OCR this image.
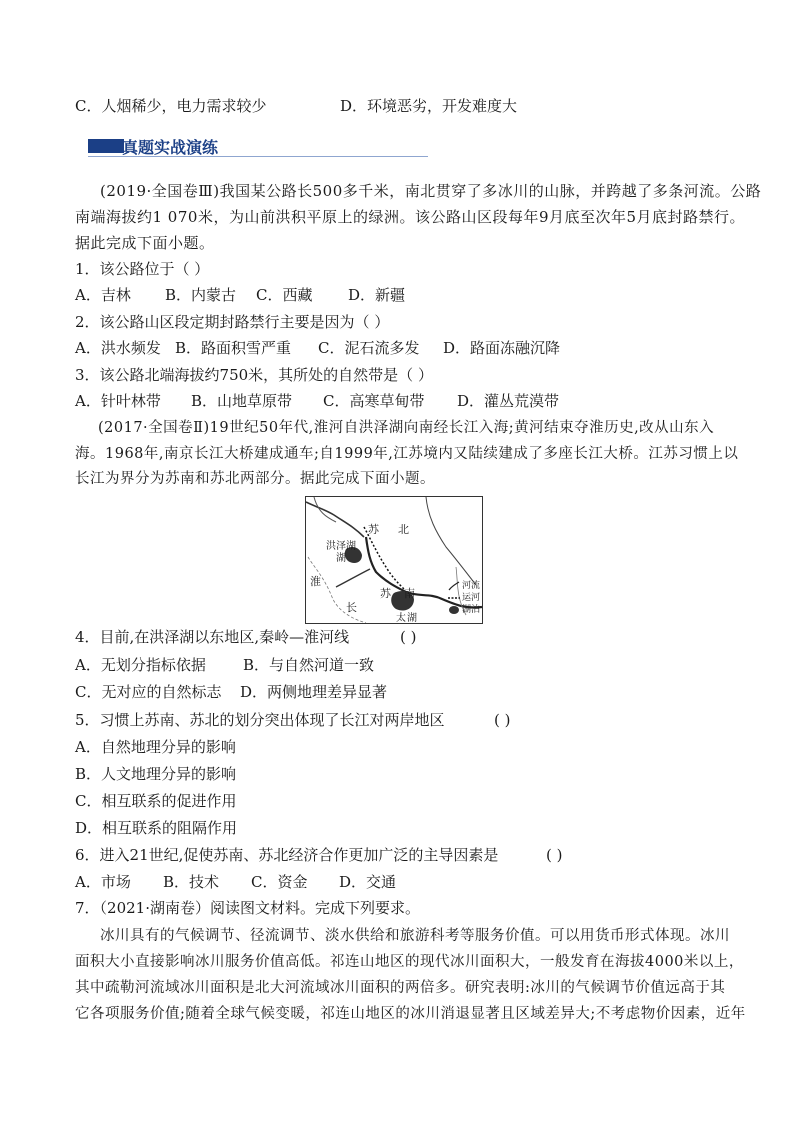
C．人烟稀少，电力需求较少	D．环境恶劣，开发难度大
真题实战演练
(2019·全国卷Ⅲ)我国某公路长500多千米，南北贯穿了多冰川的山脉，并跨越了多条河流。公路
南端海拔约1 070米，为山前洪积平原上的绿洲。该公路山区段每年9月底至次年5月底封路禁行。
据此完成下面小题。
1．该公路位于（ ）
A．吉林 B．内蒙古 C．西藏 D．新疆
2．该公路山区段定期封路禁行主要是因为（ ）
A．洪水频发 B．路面积雪严重 C．泥石流多发 D．路面冻融沉降
3．该公路北端海拔约750米，其所处的自然带是（ ）
A．针叶林带 B．山地草原带 C．高寒草甸带 D．灌丛荒漠带
(2017·全国卷Ⅱ)19世纪50年代,淮河自洪泽湖向南经长江入海;黄河结束夺淮历史,改从山东入
海。1968年,南京长江大桥建成通车;自1999年,江苏境内又陆续建成了多座长江大桥。江苏习惯上以
长江为界分为苏南和苏北两部分。据此完成下面小题。
苏 北
洪泽湖
湖
淮
苏 南
长
太 湖
河流
运河
湖泊
4．目前,在洪泽湖以东地区,秦岭—淮河线	( )
A．无划分指标依据 B．与自然河道一致
C．无对应的自然标志 D．两侧地理差异显著
5．习惯上苏南、苏北的划分突出体现了长江对两岸地区	( )
A．自然地理分异的影响
B．人文地理分异的影响
C．相互联系的促进作用
D．相互联系的阻隔作用
6．进入21世纪,促使苏南、苏北经济合作更加广泛的主导因素是	( )
A．市场 B．技术 C．资金 D．交通
7．（2021·湖南卷）阅读图文材料。完成下列要求。
冰川具有的气候调节、径流调节、淡水供给和旅游科考等服务价值。可以用货币形式体现。冰川
面积大小直接影响冰川服务价值高低。祁连山地区的现代冰川面积大，一般发育在海拔4000米以上，
其中疏勒河流域冰川面积是北大河流域冰川面积的两倍多。研究表明:冰川的气候调节价值远高于其
它各项服务价值;随着全球气候变暖，祁连山地区的冰川消退显著且区域差异大;不考虑物价因素，近年
